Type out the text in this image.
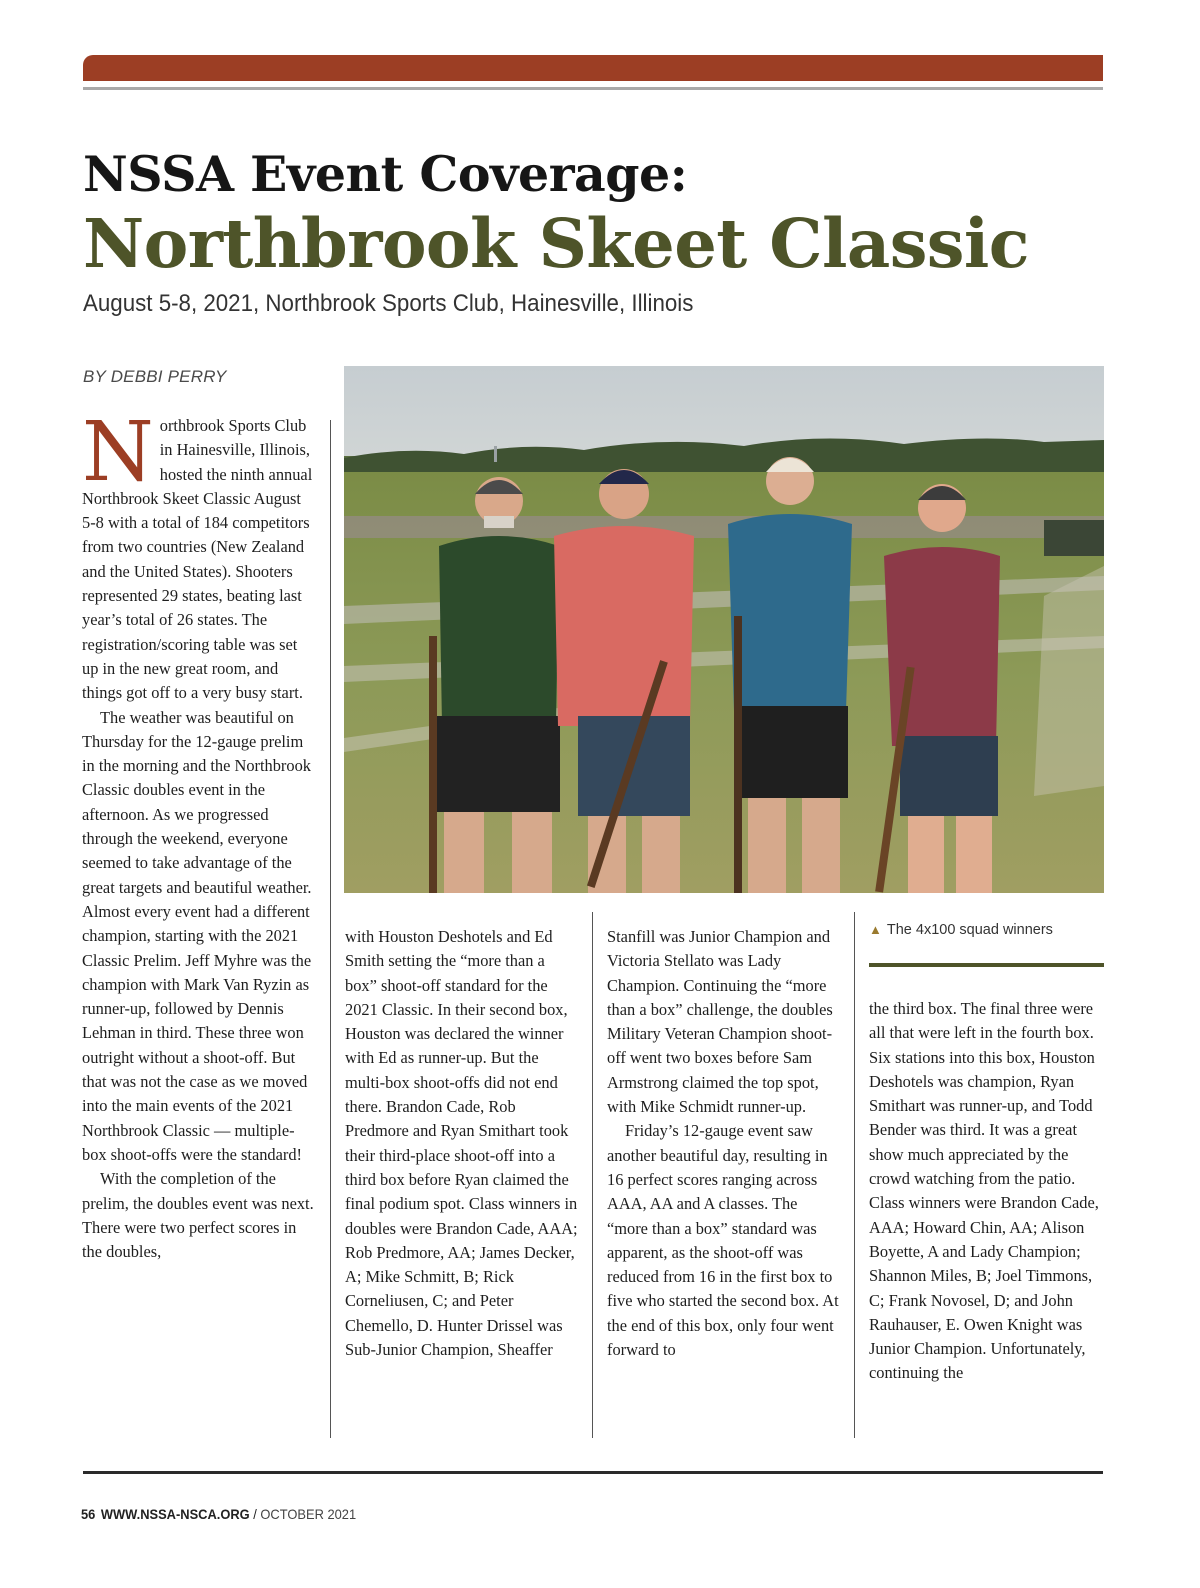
NSSA Event Coverage:
Northbrook Skeet Classic

August 5-8, 2021, Northbrook Sports Club, Hainesville, Illinois

BY DEBBI PERRY

Northbrook Sports Club in Hainesville, Illinois, hosted the ninth annual Northbrook Skeet Classic August 5-8 with a total of 184 competitors from two countries (New Zealand and the United States). Shooters represented 29 states, beating last year’s total of 26 states. The registration/scoring table was set up in the new great room, and things got off to a very busy start.

The weather was beautiful on Thursday for the 12-gauge prelim in the morning and the Northbrook Classic doubles event in the afternoon. As we progressed through the weekend, everyone seemed to take advantage of the great targets and beautiful weather. Almost every event had a different champion, starting with the 2021 Classic Prelim. Jeff Myhre was the champion with Mark Van Ryzin as runner-up, followed by Dennis Lehman in third. These three won outright without a shoot-off. But that was not the case as we moved into the main events of the 2021 Northbrook Classic — multiple-box shoot-offs were the standard!

With the completion of the prelim, the doubles event was next. There were two perfect scores in the doubles,

▲ The 4x100 squad winners

with Houston Deshotels and Ed Smith setting the “more than a box” shoot-off standard for the 2021 Classic. In their second box, Houston was declared the winner with Ed as runner-up. But the multi-box shoot-offs did not end there. Brandon Cade, Rob Predmore and Ryan Smithart took their third-place shoot-off into a third box before Ryan claimed the final podium spot. Class winners in doubles were Brandon Cade, AAA; Rob Predmore, AA; James Decker, A; Mike Schmitt, B; Rick Corneliusen, C; and Peter Chemello, D. Hunter Drissel was Sub-Junior Champion, Sheaffer

Stanfill was Junior Champion and Victoria Stellato was Lady Champion. Continuing the “more than a box” challenge, the doubles Military Veteran Champion shoot-off went two boxes before Sam Armstrong claimed the top spot, with Mike Schmidt runner-up.

Friday’s 12-gauge event saw another beautiful day, resulting in 16 perfect scores ranging across AAA, AA and A classes. The “more than a box” standard was apparent, as the shoot-off was reduced from 16 in the first box to five who started the second box. At the end of this box, only four went forward to

the third box. The final three were all that were left in the fourth box. Six stations into this box, Houston Deshotels was champion, Ryan Smithart was runner-up, and Todd Bender was third. It was a great show much appreciated by the crowd watching from the patio. Class winners were Brandon Cade, AAA; Howard Chin, AA; Alison Boyette, A and Lady Champion; Shannon Miles, B; Joel Timmons, C; Frank Novosel, D; and John Rauhauser, E. Owen Knight was Junior Champion. Unfortunately, continuing the

56 WWW.NSSA-NSCA.ORG / OCTOBER 2021
